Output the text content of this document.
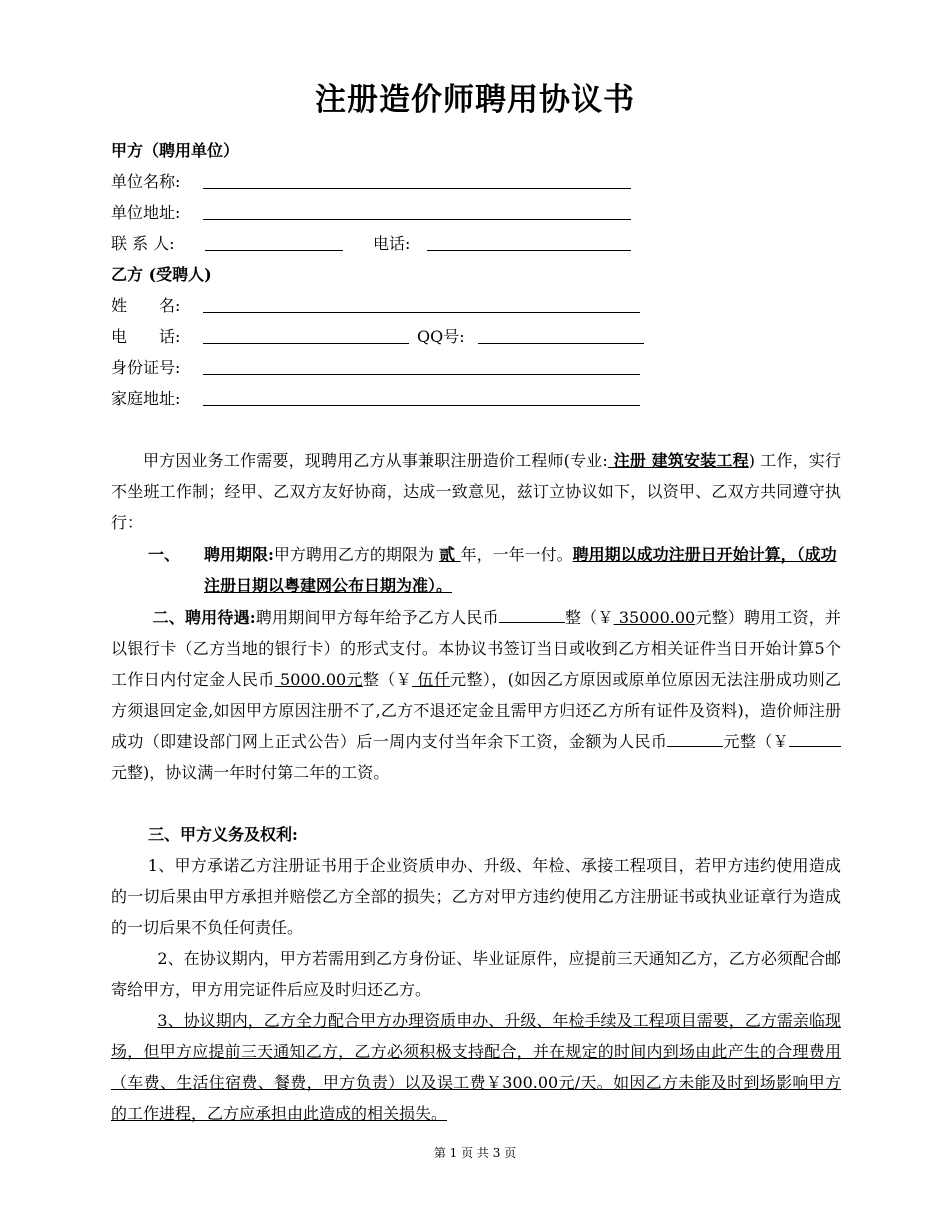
注册造价师聘用协议书
甲方（聘用单位）
单位名称:
单位地址:
联 系 人:	电话:
乙方 (受聘人)
姓　　名:
电　　话:	QQ号:
身份证号:
家庭地址:

甲方因业务工作需要，现聘用乙方从事兼职注册造价工程师(专业: 注册 建筑安装工程) 工作，实行不坐班工作制；经甲、乙双方友好协商，达成一致意见，兹订立协议如下，以资甲、乙双方共同遵守执行：

一、 聘用期限:甲方聘用乙方的期限为 贰 年，一年一付。聘用期以成功注册日开始计算，（成功注册日期以粤建网公布日期为准）。

二、聘用待遇:聘用期间甲方每年给予乙方人民币	整（￥ 35000.00元整）聘用工资，并以银行卡（乙方当地的银行卡）的形式支付。本协议书签订当日或收到乙方相关证件当日开始计算5个工作日内付定金人民币 5000.00元整（￥ 伍仟元整），(如因乙方原因或原单位原因无法注册成功则乙方须退回定金,如因甲方原因注册不了,乙方不退还定金且需甲方归还乙方所有证件及资料)，造价师注册成功（即建设部门网上正式公告）后一周内支付当年余下工资，金额为人民币	元整（￥元整)，协议满一年时付第二年的工资。

三、甲方义务及权利:

1、甲方承诺乙方注册证书用于企业资质申办、升级、年检、承接工程项目，若甲方违约使用造成的一切后果由甲方承担并赔偿乙方全部的损失；乙方对甲方违约使用乙方注册证书或执业证章行为造成的一切后果不负任何责任。

2、在协议期内，甲方若需用到乙方身份证、毕业证原件，应提前三天通知乙方，乙方必须配合邮寄给甲方，甲方用完证件后应及时归还乙方。

3、协议期内，乙方全力配合甲方办理资质申办、升级、年检手续及工程项目需要，乙方需亲临现场，但甲方应提前三天通知乙方，乙方必须积极支持配合，并在规定的时间内到场由此产生的合理费用（车费、生活住宿费、餐费，甲方负责）以及误工费￥300.00元/天。如因乙方未能及时到场影响甲方的工作进程，乙方应承担由此造成的相关损失。

第 1 页 共 3 页
